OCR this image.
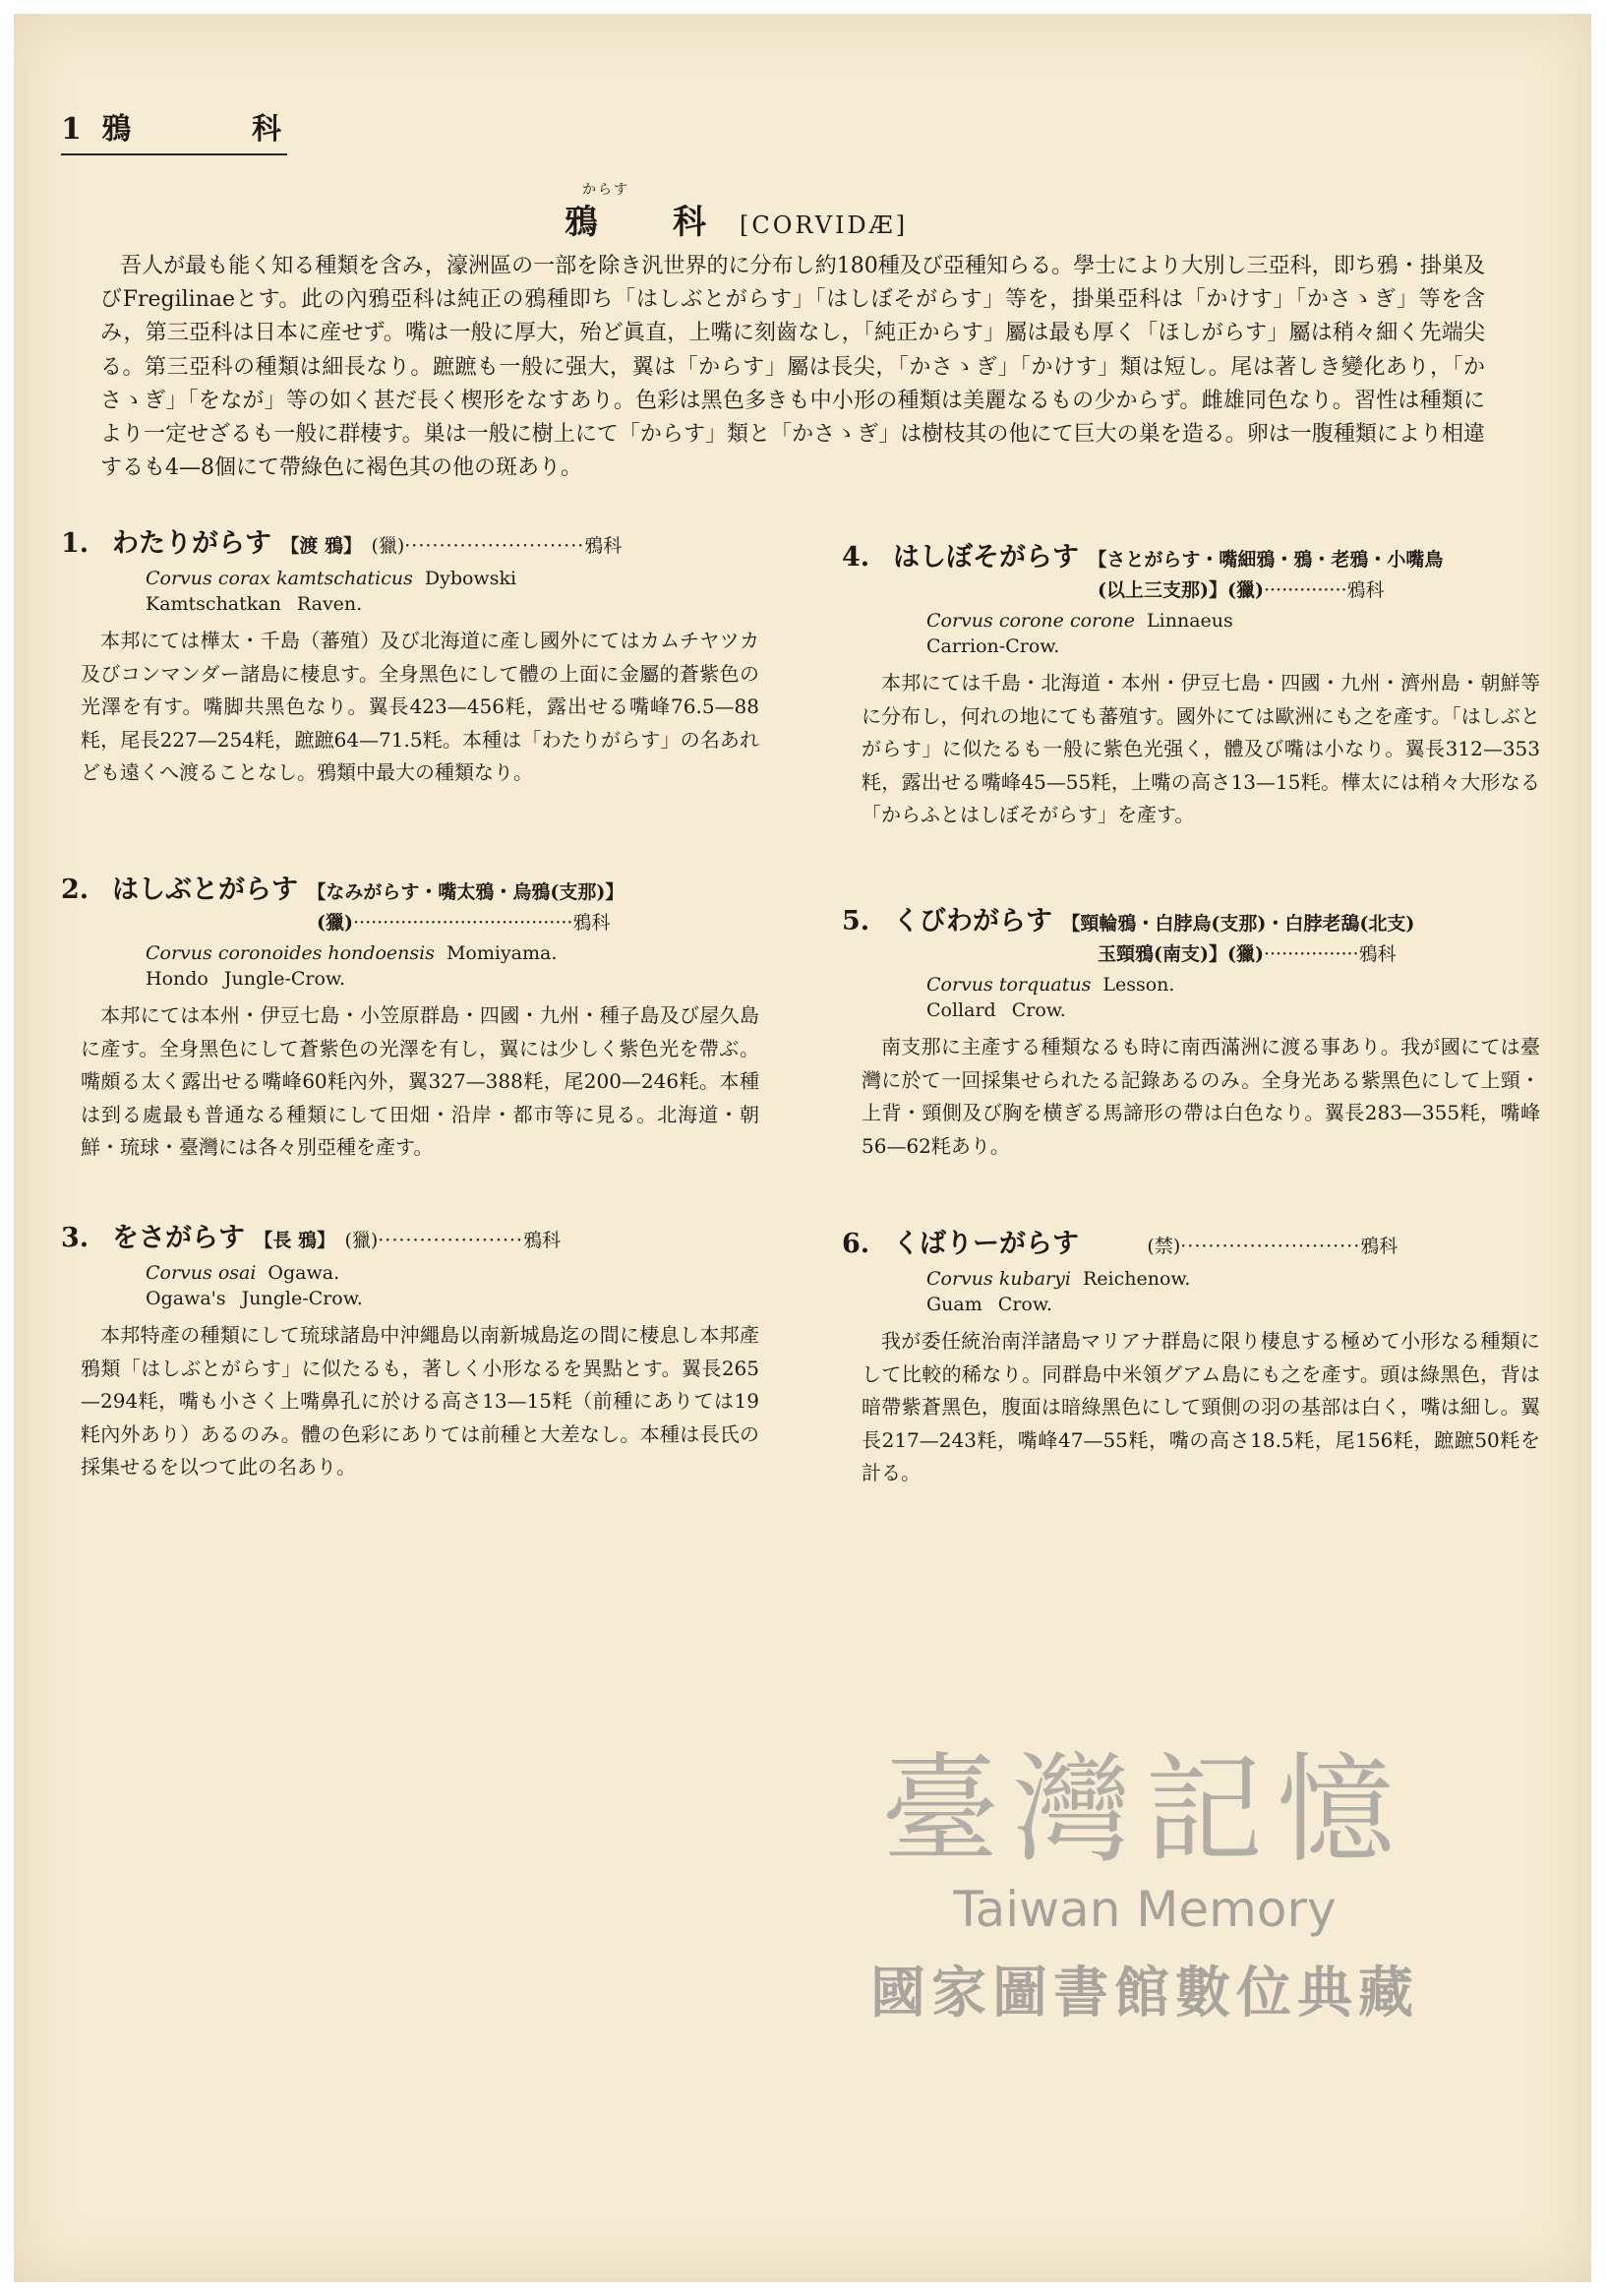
1 鴉	科
からす
鴉 科 [CORVIDÆ]
吾人が最も能く知る種類を含み，濠洲區の一部を除き汎世界的に分布し約180種及び亞種知らる。學士により大別し三亞科，即ち鴉・掛巣及びFregilinaeとす。此の內鴉亞科は純正の鴉種即ち「はしぶとがらす」「はしぼそがらす」等を，掛巣亞科は「かけす」「かさゝぎ」等を含み，第三亞科は日本に産せず。嘴は一般に厚大，殆ど眞直，上嘴に刻齒なし，「純正からす」屬は最も厚く「ほしがらす」屬は稍々細く先端尖る。第三亞科の種類は細長なり。蹠蹠も一般に强大，翼は「からす」屬は長尖，「かさゝぎ」「かけす」類は短し。尾は著しき變化あり，「かさゝぎ」「をなが」等の如く甚だ長く楔形をなすあり。色彩は黑色多きも中小形の種類は美麗なるもの少からず。雌雄同色なり。習性は種類により一定せざるも一般に群棲す。巣は一般に樹上にて「からす」類と「かさゝぎ」は樹枝其の他にて巨大の巣を造る。卵は一腹種類により相違するも4—8個にて帶綠色に褐色其の他の斑あり。
1. わたりがらす 【渡 鴉】 (獵)··························鴉科
Corvus corax kamtschaticus Dybowski
Kamtschatkan Raven.
本邦にては樺太・千島（蕃殖）及び北海道に產し國外にてはカムチヤツカ及びコンマンダー諸島に棲息す。全身黑色にして體の上面に金屬的蒼紫色の光澤を有す。嘴脚共黑色なり。翼長423—456粍，露出せる嘴峰76.5—88粍，尾長227—254粍，蹠蹠64—71.5粍。本種は「わたりがらす」の名あれども遠くへ渡ることなし。鴉類中最大の種類なり。
2. はしぶとがらす 【なみがらす・嘴太鴉・烏鴉(支那)】
(獵)·····································鴉科
Corvus coronoides hondoensis Momiyama.
Hondo Jungle-Crow.
本邦にては本州・伊豆七島・小笠原群島・四國・九州・種子島及び屋久島に產す。全身黑色にして蒼紫色の光澤を有し，翼には少しく紫色光を帶ぶ。嘴頗る太く露出せる嘴峰60粍內外，翼327—388粍，尾200—246粍。本種は到る處最も普通なる種類にして田畑・沿岸・都市等に見る。北海道・朝鮮・琉球・臺灣には各々別亞種を產す。
3. をさがらす 【長 鴉】 (獵)·····················鴉科
Corvus osai Ogawa.
Ogawa's Jungle-Crow.
本邦特產の種類にして琉球諸島中沖繩島以南新城島迄の間に棲息し本邦產鴉類「はしぶとがらす」に似たるも，著しく小形なるを異點とす。翼長265—294粍，嘴も小さく上嘴鼻孔に於ける高さ13—15粍（前種にありては19粍內外あり）あるのみ。體の色彩にありては前種と大差なし。本種は長氏の採集せるを以つて此の名あり。
4. はしぼそがらす 【さとがらす・嘴細鴉・鴉・老鴉・小嘴鳥
(以上三支那)】(獵)··············鴉科
Corvus corone corone Linnaeus
Carrion-Crow.
本邦にては千島・北海道・本州・伊豆七島・四國・九州・濟州島・朝鮮等に分布し，何れの地にても蕃殖す。國外にては歐洲にも之を產す。「はしぶとがらす」に似たるも一般に紫色光强く，體及び嘴は小なり。翼長312—353粍，露出せる嘴峰45—55粍，上嘴の高さ13—15粍。樺太には稍々大形なる「からふとはしぼそがらす」を產す。
5. くびわがらす 【頸輪鴉・白脖烏(支那)・白脖老鴰(北支)
玉頸鴉(南支)】(獵)················鴉科
Corvus torquatus Lesson.
Collard Crow.
南支那に主產する種類なるも時に南西滿洲に渡る事あり。我が國にては臺灣に於て一回採集せられたる記錄あるのみ。全身光ある紫黑色にして上頸・上背・頸側及び胸を横ぎる馬諦形の帶は白色なり。翼長283—355粍，嘴峰56—62粍あり。
6. くばりーがらす	(禁)··························鴉科
Corvus kubaryi Reichenow.
Guam Crow.
我が委任統治南洋諸島マリアナ群島に限り棲息する極めて小形なる種類にして比較的稀なり。同群島中米領グアム島にも之を產す。頭は綠黑色，背は暗帶紫蒼黑色，腹面は暗綠黑色にして頸側の羽の基部は白く，嘴は細し。翼長217—243粍，嘴峰47—55粍，嘴の高さ18.5粍，尾156粍，蹠蹠50粍を計る。
臺灣記憶
Taiwan Memory
國家圖書館數位典藏
